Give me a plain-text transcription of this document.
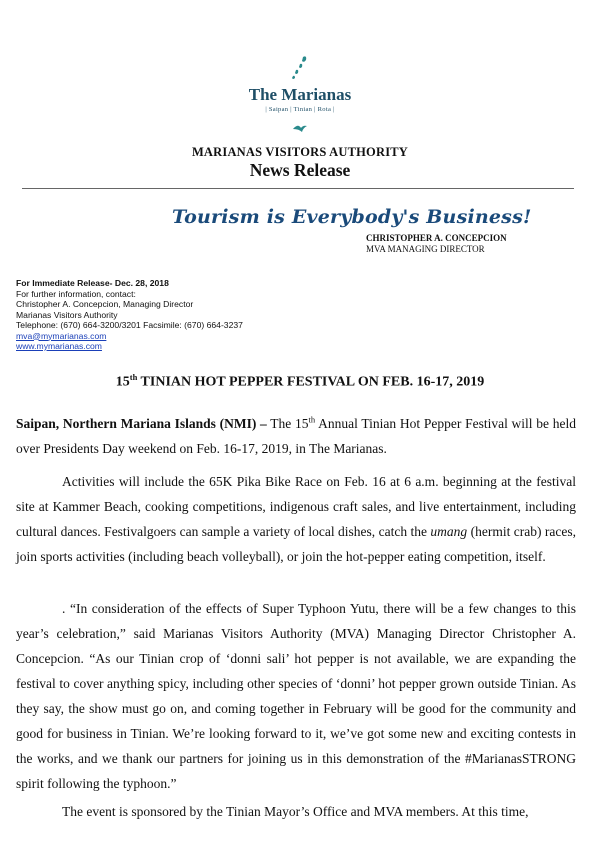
The Marianas
| Saipan | Tinian | Rota |
MARIANAS VISITORS AUTHORITY
News Release
Tourism is Everybody's Business!
CHRISTOPHER A. CONCEPCION
MVA MANAGING DIRECTOR
For Immediate Release- Dec. 28, 2018
For further information, contact:
Christopher A. Concepcion, Managing Director
Marianas Visitors Authority
Telephone: (670) 664-3200/3201 Facsimile: (670) 664-3237
mva@mymarianas.com
www.mymarianas.com
15th TINIAN HOT PEPPER FESTIVAL ON FEB. 16-17, 2019
Saipan, Northern Mariana Islands (NMI) – The 15th Annual Tinian Hot Pepper Festival will be held over Presidents Day weekend on Feb. 16-17, 2019, in The Marianas.
Activities will include the 65K Pika Bike Race on Feb. 16 at 6 a.m. beginning at the festival site at Kammer Beach, cooking competitions, indigenous craft sales, and live entertainment, including cultural dances. Festivalgoers can sample a variety of local dishes, catch the umang (hermit crab) races, join sports activities (including beach volleyball), or join the hot-pepper eating competition, itself.
. “In consideration of the effects of Super Typhoon Yutu, there will be a few changes to this year’s celebration,” said Marianas Visitors Authority (MVA) Managing Director Christopher A. Concepcion. “As our Tinian crop of ‘donni sali’ hot pepper is not available, we are expanding the festival to cover anything spicy, including other species of ‘donni’ hot pepper grown outside Tinian. As they say, the show must go on, and coming together in February will be good for the community and good for business in Tinian. We’re looking forward to it, we’ve got some new and exciting contests in the works, and we thank our partners for joining us in this demonstration of the #MarianasSTRONG spirit following the typhoon.”
The event is sponsored by the Tinian Mayor’s Office and MVA members. At this time,
